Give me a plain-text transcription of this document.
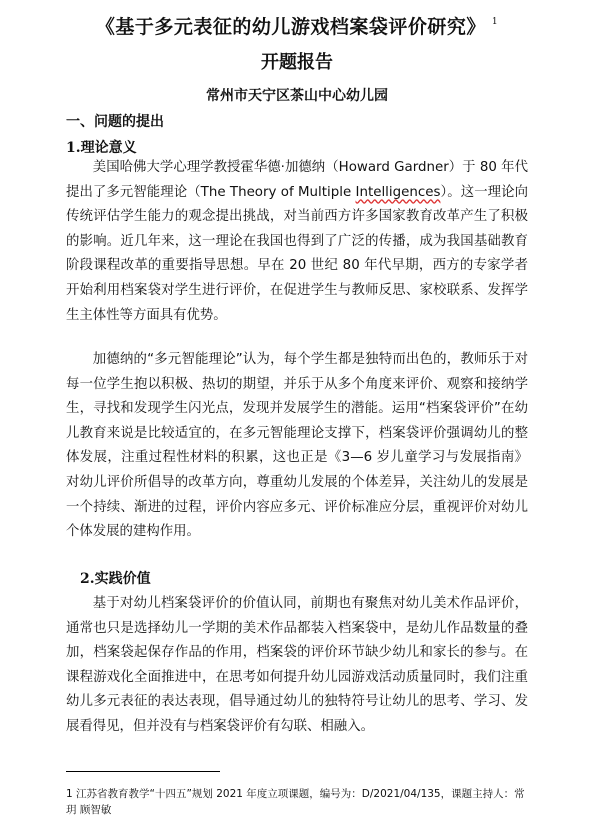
《基于多元表征的幼儿游戏档案袋评价研究》 $^1$
开题报告
常州市天宁区茶山中心幼儿园
一、问题的提出
1.理论意义
美国哈佛大学心理学教授霍华德·加德纳（Howard Gardner）于 80 年代提出了多元智能理论（The Theory of Multiple Intelligences）。这一理论向传统评估学生能力的观念提出挑战，对当前西方许多国家教育改革产生了积极的影响。近几年来，这一理论在我国也得到了广泛的传播，成为我国基础教育阶段课程改革的重要指导思想。早在 20 世纪 80 年代早期，西方的专家学者开始利用档案袋对学生进行评价，在促进学生与教师反思、家校联系、发挥学生主体性等方面具有优势。
加德纳的“多元智能理论”认为，每个学生都是独特而出色的，教师乐于对每一位学生抱以积极、热切的期望，并乐于从多个角度来评价、观察和接纳学生，寻找和发现学生闪光点，发现并发展学生的潜能。运用“档案袋评价”在幼儿教育来说是比较适宜的，在多元智能理论支撑下，档案袋评价强调幼儿的整体发展，注重过程性材料的积累，这也正是《3—6 岁儿童学习与发展指南》对幼儿评价所倡导的改革方向，尊重幼儿发展的个体差异，关注幼儿的发展是一个持续、渐进的过程，评价内容应多元、评价标准应分层，重视评价对幼儿个体发展的建构作用。
2.实践价值
基于对幼儿档案袋评价的价值认同，前期也有聚焦对幼儿美术作品评价，通常也只是选择幼儿一学期的美术作品都装入档案袋中，是幼儿作品数量的叠加，档案袋起保存作品的作用，档案袋的评价环节缺少幼儿和家长的参与。在课程游戏化全面推进中，在思考如何提升幼儿园游戏活动质量同时，我们注重幼儿多元表征的表达表现，倡导通过幼儿的独特符号让幼儿的思考、学习、发展看得见，但并没有与档案袋评价有勾联、相融入。
1 江苏省教育教学“十四五”规划 2021 年度立项课题，编号为：D/2021/04/135，课题主持人：常玥 顾智敏
